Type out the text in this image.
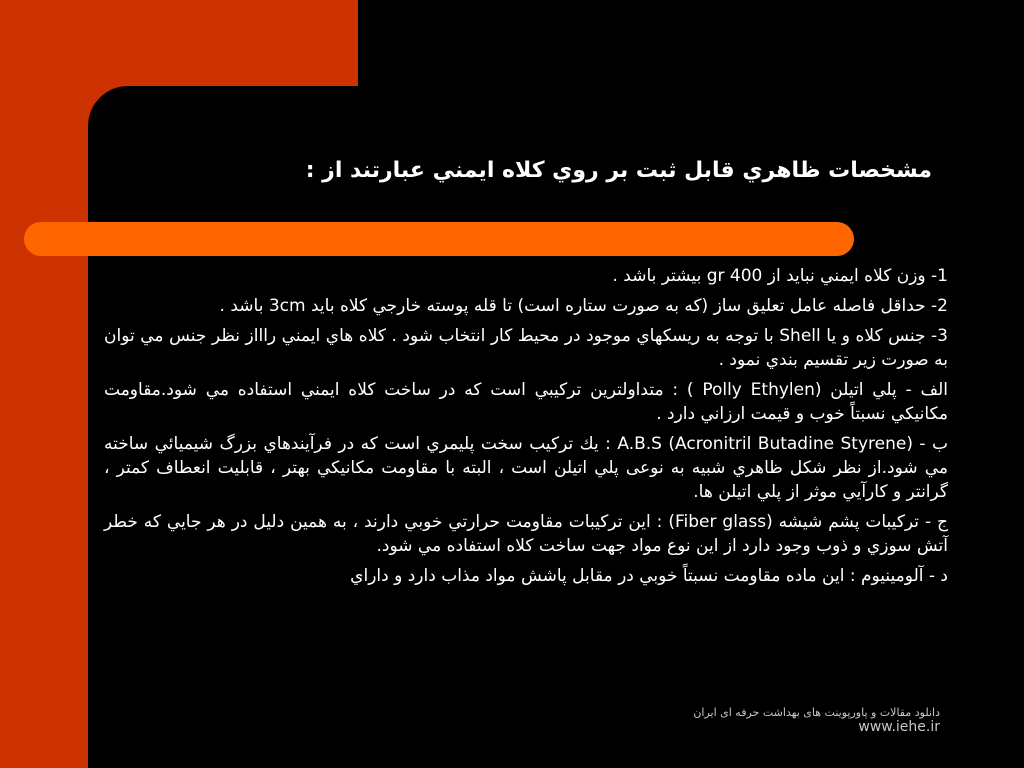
مشخصات ظاهري قابل ثبت بر روي كلاه ايمني عبارتند از :

1- وزن كلاه ايمني نبايد از 400 gr بيشتر باشد .

2- حداقل فاصله عامل تعليق ساز (كه به صورت ستاره است) تا قله پوسته خارجي كلاه بايد 3cm باشد .

3- جنس كلاه و يا Shell با توجه به ريسكهاي موجود در محيط كار انتخاب شود . كلاه هاي ايمني راااز نظر جنس مي توان به صورت زير تقسيم بندي نمود .

الف - پلي اتيلن (Polly Ethylen ) : متداولترين تركيبي است كه در ساخت كلاه ايمني استفاده مي شود.مقاومت مكانيكي نسبتاً خوب و قيمت ارزاني دارد .

ب - A.B.S (Acronitril Butadine Styrene) : يك تركيب سخت پليمري است كه در فرآيندهاي بزرگ شيميائي ساخته مي شود.از نظر شكل ظاهري شبيه به نوعی پلي اتيلن است ، البته با مقاومت مكانيكي بهتر ، قابليت انعطاف كمتر ، گرانتر و كارآيي موثر از پلي اتيلن ها.

ج - تركيبات پشم شيشه (Fiber glass) : اين تركيبات مقاومت حرارتي خوبي دارند ، به همين دليل در هر جايي كه خطر آتش سوزي و ذوب وجود دارد از اين نوع مواد جهت ساخت كلاه استفاده مي شود.

د - آلومينيوم : اين ماده مقاومت نسبتاً خوبي در مقابل پاشش مواد مذاب دارد و داراي

دانلود مقالات و پاورپوینت های بهداشت حرفه ای ایران
www.iehe.ir
